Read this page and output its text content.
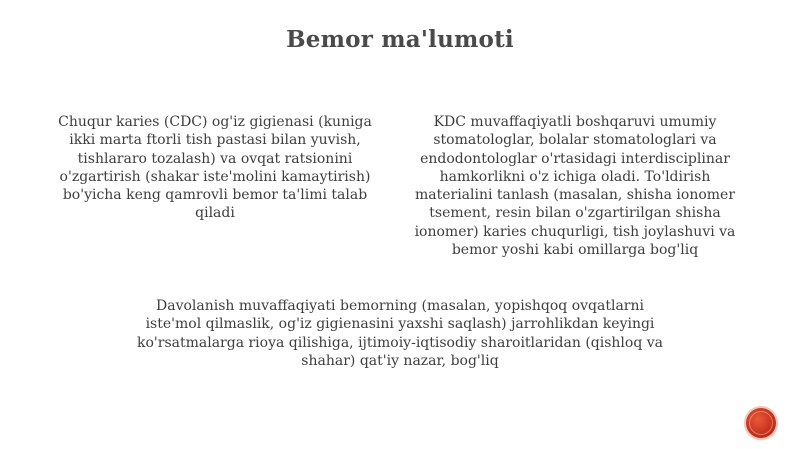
Bemor ma'lumoti
Chuqur karies (CDC) og'iz gigienasi (kuniga ikki marta ftorli tish pastasi bilan yuvish, tishlararo tozalash) va ovqat ratsionini o'zgartirish (shakar iste'molini kamaytirish) bo'yicha keng qamrovli bemor ta'limi talab qiladi
KDC muvaffaqiyatli boshqaruvi umumiy stomatologlar, bolalar stomatologlari va endodontologlar o'rtasidagi interdisciplinar hamkorlikni o'z ichiga oladi. To'ldirish materialini tanlash (masalan, shisha ionomer tsement, resin bilan o'zgartirilgan shisha ionomer) karies chuqurligi, tish joylashuvi va bemor yoshi kabi omillarga bog'liq
Davolanish muvaffaqiyati bemorning (masalan, yopishqoq ovqatlarni iste'mol qilmaslik, og'iz gigienasini yaxshi saqlash) jarrohlikdan keyingi ko'rsatmalarga rioya qilishiga, ijtimoiy-iqtisodiy sharoitlaridan (qishloq va shahar) qat'iy nazar, bog'liq
